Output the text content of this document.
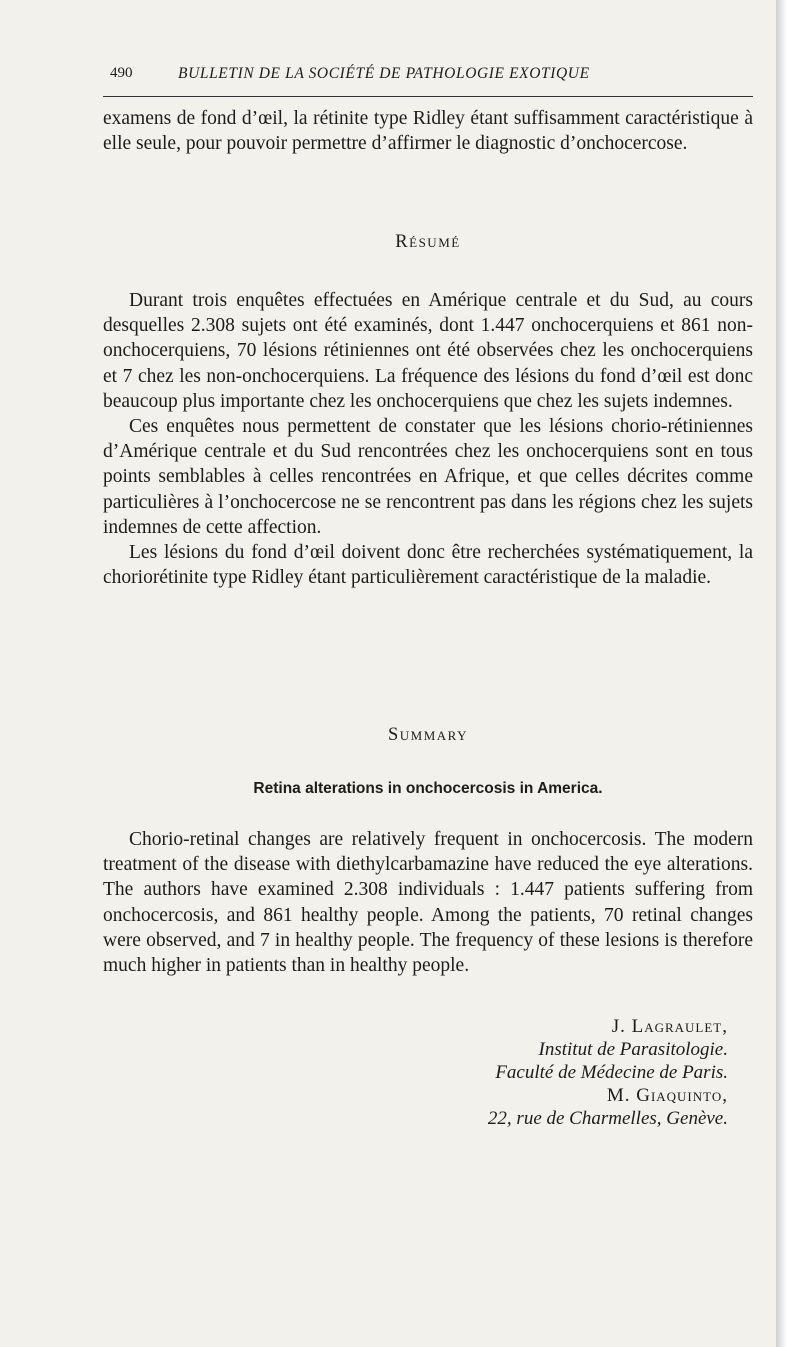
490	BULLETIN DE LA SOCIÉTÉ DE PATHOLOGIE EXOTIQUE

examens de fond d’œil, la rétinite type Ridley étant suffisamment caractéristique à elle seule, pour pouvoir permettre d’affirmer le diagnostic d’onchocercose.

Résumé

Durant trois enquêtes effectuées en Amérique centrale et du Sud, au cours desquelles 2.308 sujets ont été examinés, dont 1.447 onchocerquiens et 861 non-onchocerquiens, 70 lésions rétiniennes ont été observées chez les onchocerquiens et 7 chez les non-onchocerquiens. La fréquence des lésions du fond d’œil est donc beaucoup plus importante chez les onchocerquiens que chez les sujets indemnes.

Ces enquêtes nous permettent de constater que les lésions chorio-rétiniennes d’Amérique centrale et du Sud rencontrées chez les onchocerquiens sont en tous points semblables à celles rencontrées en Afrique, et que celles décrites comme particulières à l’onchocercose ne se rencontrent pas dans les régions chez les sujets indemnes de cette affection.

Les lésions du fond d’œil doivent donc être recherchées systématiquement, la choriorétinite type Ridley étant particulièrement caractéristique de la maladie.

Summary
Retina alterations in onchocercosis in America.

Chorio-retinal changes are relatively frequent in onchocercosis. The modern treatment of the disease with diethylcarbamazine have reduced the eye alterations. The authors have examined 2.308 individuals : 1.447 patients suffering from onchocercosis, and 861 healthy people. Among the patients, 70 retinal changes were observed, and 7 in healthy people. The frequency of these lesions is therefore much higher in patients than in healthy people.

J. Lagraulet,
Institut de Parasitologie.
Faculté de Médecine de Paris.
M. Giaquinto,
22, rue de Charmelles, Genève.
